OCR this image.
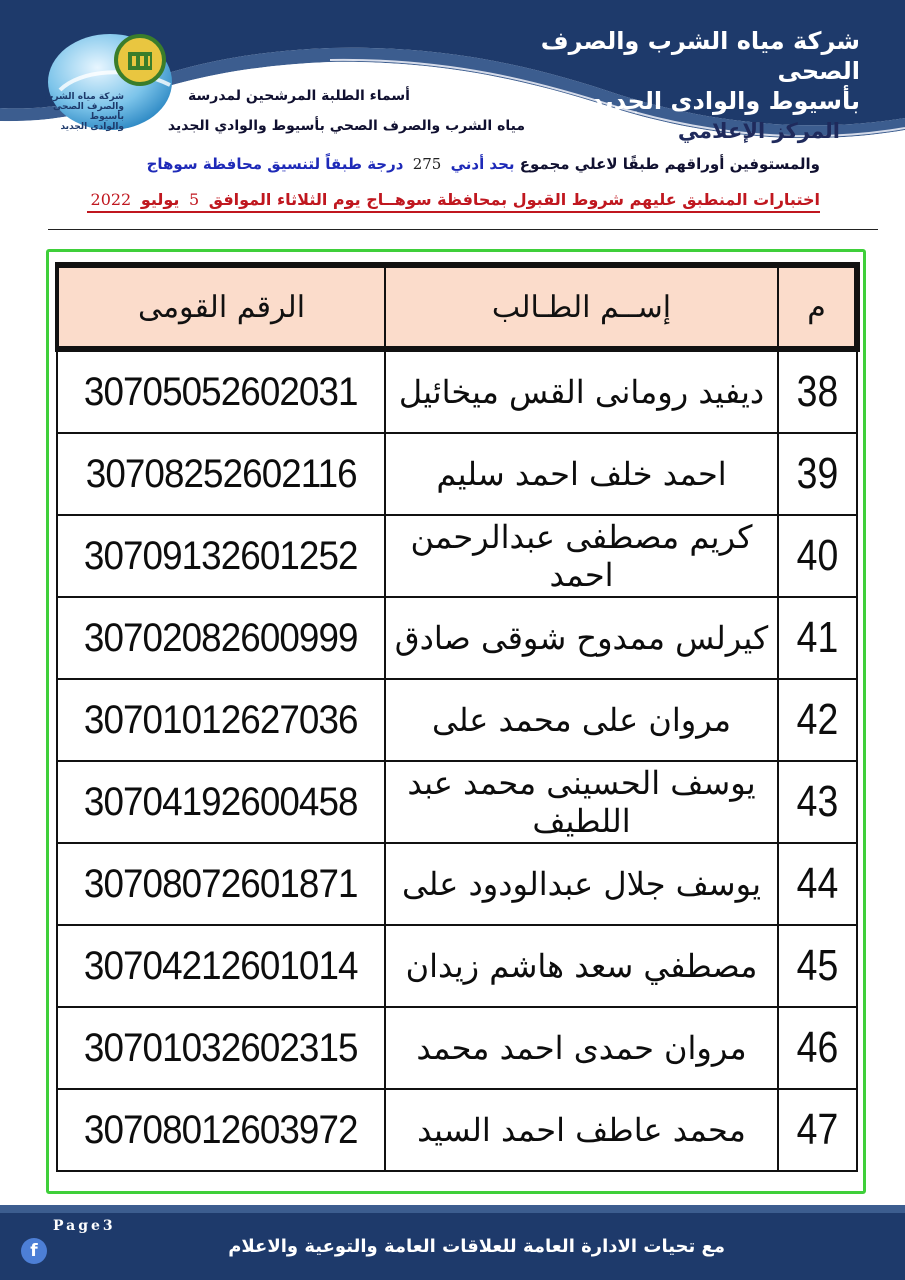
شركة مياه الشرب والصرف الصحى
بأسيوط والوادى الجديد
المركز الإعلامي
شركة مياه الشرب
والصرف الصحى بأسيوط
والوادى الجديد
أسماء الطلبة المرشحين لمدرسة
مياه الشرب والصرف الصحي بأسيوط والوادي الجديد
والمستوفين أوراقهم طبقًا لاعلي مجموع بحد أدني 275 درجة طبقاً لتنسيق محافظة سوهاج
اختبارات المنطبق عليهم شروط القبول بمحافظة سوهــاج يوم الثلاثاء الموافق 5 يوليو 2022
الرقم القومى	إســم الطـالب	م
30705052602031	ديفيد رومانى القس ميخائيل	38
30708252602116	احمد خلف احمد سليم	39
30709132601252	كريم مصطفى عبدالرحمن احمد	40
30702082600999	كيرلس ممدوح شوقى صادق	41
30701012627036	مروان على محمد على	42
30704192600458	يوسف الحسينى محمد عبد اللطيف	43
30708072601871	يوسف جلال عبدالودود على	44
30704212601014	مصطفي سعد هاشم زيدان	45
30701032602315	مروان حمدى احمد محمد	46
30708012603972	محمد عاطف احمد السيد	47
Page3
f	مع تحيات الادارة العامة للعلاقات العامة والتوعية والاعلام
